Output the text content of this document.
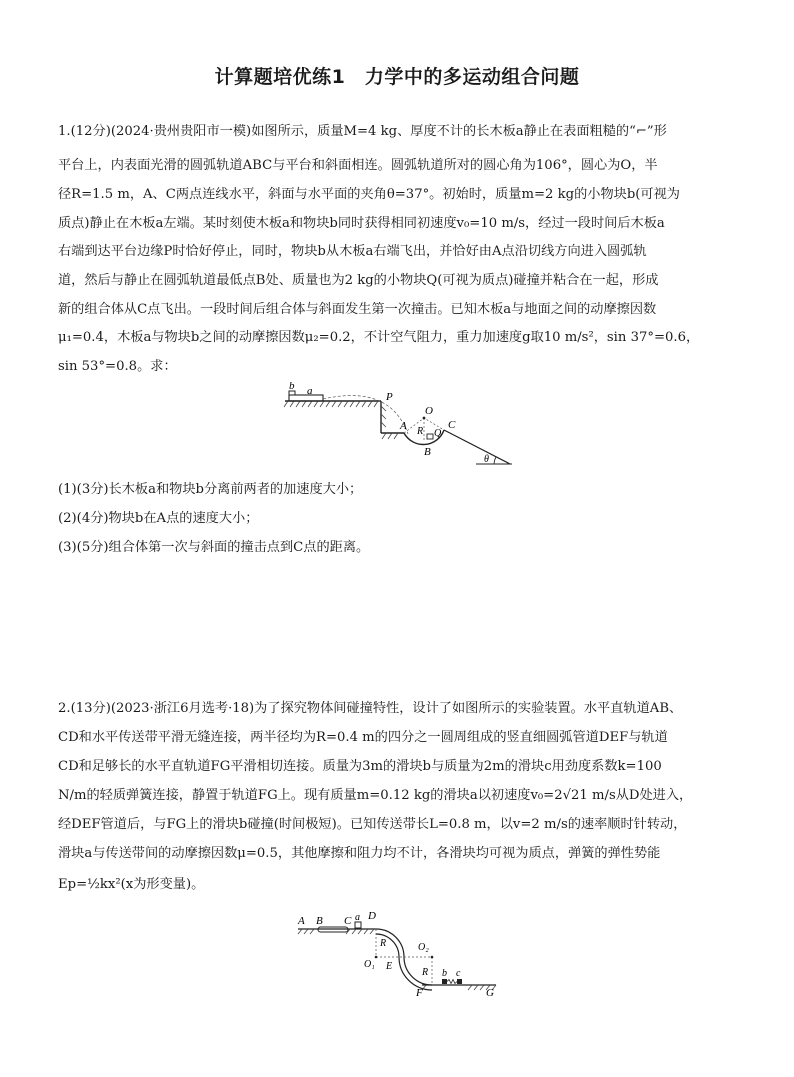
计算题培优练1　力学中的多运动组合问题
1.(12分)(2024·贵州贵阳市一模)如图所示，质量M=4 kg、厚度不计的长木板a静止在表面粗糙的“⌐”形
平台上，内表面光滑的圆弧轨道ABC与平台和斜面相连。圆弧轨道所对的圆心角为106°，圆心为O，半
径R=1.5 m，A、C两点连线水平，斜面与水平面的夹角θ=37°。初始时，质量m=2 kg的小物块b(可视为
质点)静止在木板a左端。某时刻使木板a和物块b同时获得相同初速度v₀=10 m/s，经过一段时间后木板a
右端到达平台边缘P时恰好停止，同时，物块b从木板a右端飞出，并恰好由A点沿切线方向进入圆弧轨
道，然后与静止在圆弧轨道最低点B处、质量也为2 kg的小物块Q(可视为质点)碰撞并粘合在一起，形成
新的组合体从C点飞出。一段时间后组合体与斜面发生第一次撞击。已知木板a与地面之间的动摩擦因数
μ₁=0.4，木板a与物块b之间的动摩擦因数μ₂=0.2，不计空气阻力，重力加速度g取10 m/s²，sin 37°=0.6，
sin 53°=0.8。求：
b a	P
O
A	C
R Q
B
θ
(1)(3分)长木板a和物块b分离前两者的加速度大小；
(2)(4分)物块b在A点的速度大小；
(3)(5分)组合体第一次与斜面的撞击点到C点的距离。
2.(13分)(2023·浙江6月选考·18)为了探究物体间碰撞特性，设计了如图所示的实验装置。水平直轨道AB、
CD和水平传送带平滑无缝连接，两半径均为R=0.4 m的四分之一圆周组成的竖直细圆弧管道DEF与轨道
CD和足够长的水平直轨道FG平滑相切连接。质量为3m的滑块b与质量为2m的滑块c用劲度系数k=100
N/m的轻质弹簧连接，静置于轨道FG上。现有质量m=0.12 kg的滑块a以初速度v₀=2√21 m/s从D处进入，
经DEF管道后，与FG上的滑块b碰撞(时间极短)。已知传送带长L=0.8 m，以v=2 m/s的速率顺时针转动，
滑块a与传送带间的动摩擦因数μ=0.5，其他摩擦和阻力均不计，各滑块均可视为质点，弹簧的弹性势能
Ep=½kx²(x为形变量)。
A B C a D
R
O₁ E
O₂
R b c
F	G
